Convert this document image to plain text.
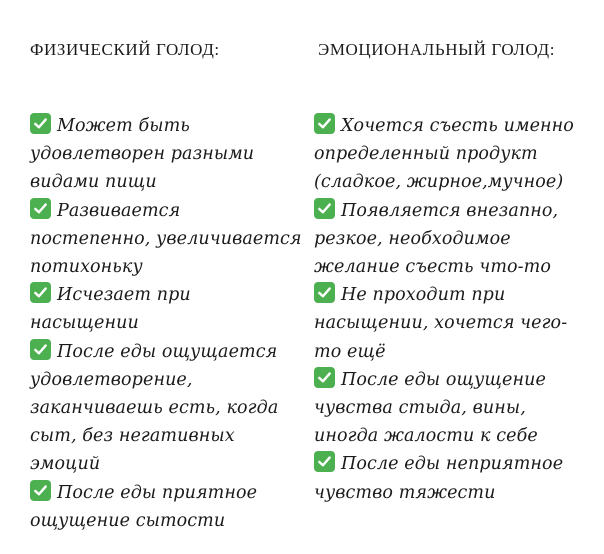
ФИЗИЧЕСКИЙ ГОЛОД:
Может быть
удовлетворен разными
видами пищи
Развивается
постепенно, увеличивается
потихоньку
Исчезает при
насыщении
После еды ощущается
удовлетворение,
заканчиваешь есть, когда
сыт, без негативных
эмоций
После еды приятное
ощущение сытости
ЭМОЦИОНАЛЬНЫЙ ГОЛОД:
Хочется съесть именно
определенный продукт
(сладкое, жирное,мучное)
Появляется внезапно,
резкое, необходимое
желание съесть что-то
Не проходит при
насыщении, хочется чего-
то ещё
После еды ощущение
чувства стыда, вины,
иногда жалости к себе
После еды неприятное
чувство тяжести
